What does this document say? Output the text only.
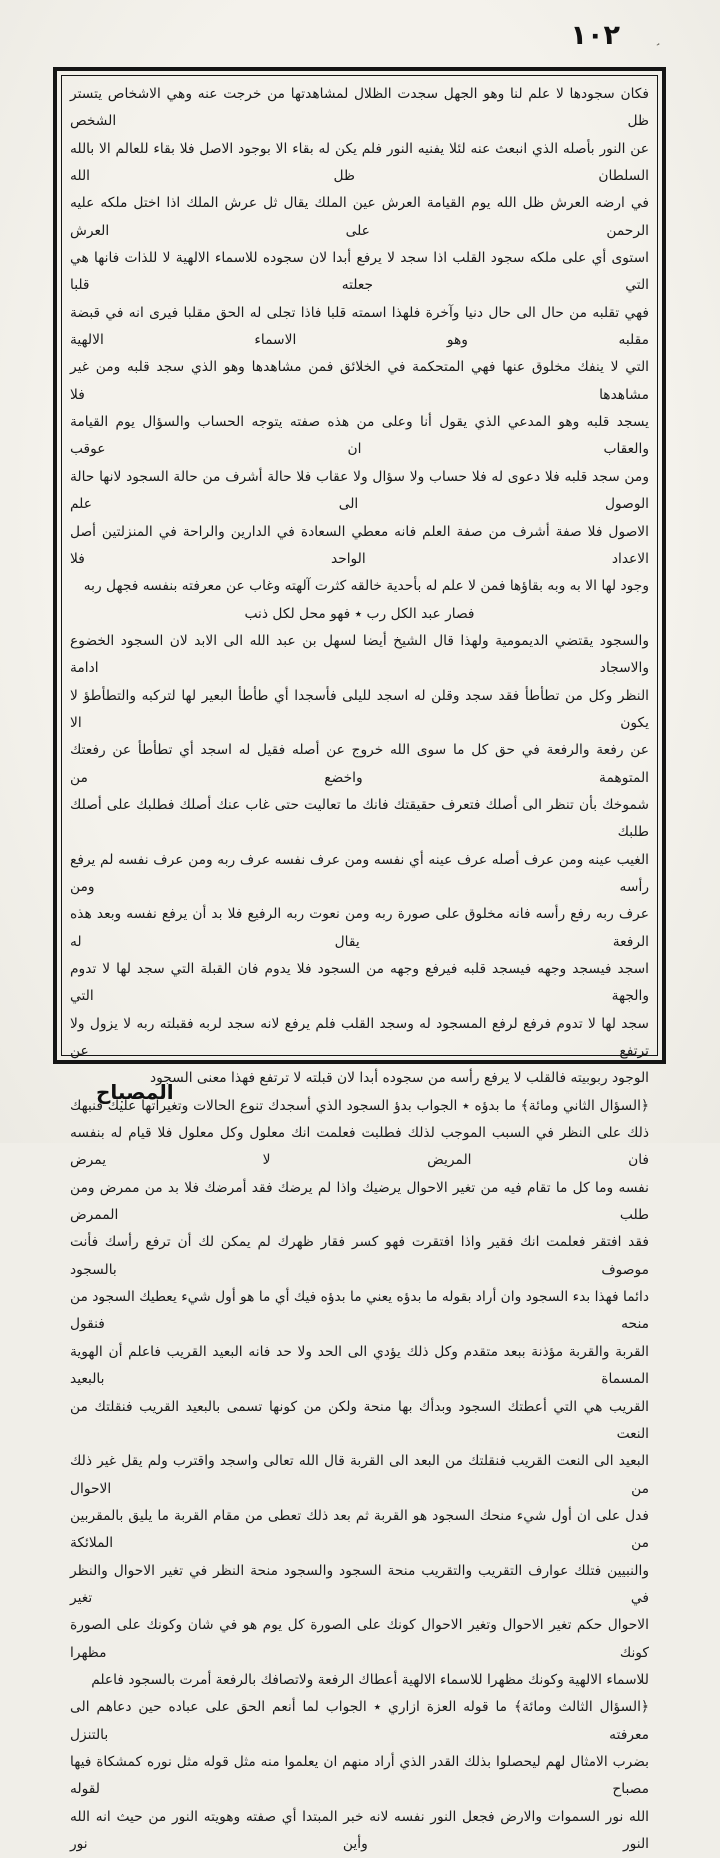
١٠٢	’
فكان سجودها لا علم لنا وهو الجهل سجدت الظلال لمشاهدتها من خرجت عنه وهي الاشخاص يتستر ظل الشخص
عن النور بأصله الذي انبعث عنه لئلا يفنيه النور فلم يكن له بقاء الا بوجود الاصل فلا بقاء للعالم الا بالله السلطان ظل الله
في ارضه العرش ظل الله يوم القيامة العرش عين الملك يقال ثل عرش الملك اذا اختل ملكه عليه الرحمن على العرش
استوى أي على ملكه سجود القلب اذا سجد لا يرفع أبدا لان سجوده للاسماء الالهية لا للذات فانها هي التي جعلته قلبا
فهي تقلبه من حال الى حال دنيا وآخرة فلهذا اسمته قلبا فاذا تجلى له الحق مقلبا فيرى انه في قبضة مقلبه وهو الاسماء الالهية
التي لا ينفك مخلوق عنها فهي المتحكمة في الخلائق فمن مشاهدها وهو الذي سجد قلبه ومن غير مشاهدها فلا
يسجد قلبه وهو المدعي الذي يقول أنا وعلى من هذه صفته يتوجه الحساب والسؤال يوم القيامة والعقاب ان عوقب
ومن سجد قلبه فلا دعوى له فلا حساب ولا سؤال ولا عقاب فلا حالة أشرف من حالة السجود لانها حالة الوصول الى علم
الاصول فلا صفة أشرف من صفة العلم فانه معطي السعادة في الدارين والراحة في المنزلتين أصل الاعداد الواحد فلا
وجود لها الا به وبه بقاؤها فمن لا علم له بأحدية خالقه كثرت آلهته وغاب عن معرفته بنفسه فجهل ربه
فصار عبد الكل رب ٭ فهو محل لكل ذنب
والسجود يقتضي الديمومية ولهذا قال الشيخ أيضا لسهل بن عبد الله الى الابد لان السجود الخضوع والاسجاد ادامة
النظر وكل من تطأطأ فقد سجد وقلن له اسجد لليلى فأسجدا أي طأطأ البعير لها لتركبه والتطأطؤ لا يكون الا
عن رفعة والرفعة في حق كل ما سوى الله خروج عن أصله فقيل له اسجد أي تطأطأ عن رفعتك المتوهمة واخضع من
شموخك بأن تنظر الى أصلك فتعرف حقيقتك فانك ما تعاليت حتى غاب عنك أصلك فطلبك على أصلك طلبك
الغيب عينه ومن عرف أصله عرف عينه أي نفسه ومن عرف نفسه عرف ربه ومن عرف نفسه لم يرفع رأسه ومن
عرف ربه رفع رأسه فانه مخلوق على صورة ربه ومن نعوت ربه الرفيع فلا بد أن يرفع نفسه وبعد هذه الرفعة يقال له
اسجد فيسجد وجهه فيسجد قلبه فيرفع وجهه من السجود فلا يدوم فان القبلة التي سجد لها لا تدوم والجهة التي
سجد لها لا تدوم فرفع لرفع المسجود له وسجد القلب فلم يرفع لانه سجد لربه فقبلته ربه لا يزول ولا ترتفع عن
الوجود ربوبيته فالقلب لا يرفع رأسه من سجوده أبدا لان قبلته لا ترتفع فهذا معنى السجود
﴿السؤال الثاني ومائة﴾ ما بدؤه ٭ الجواب بدؤ السجود الذي أسجدك تنوع الحالات وتغيراتها عليك فنبهك
ذلك على النظر في السبب الموجب لذلك فطلبت فعلمت انك معلول وكل معلول فلا قيام له بنفسه فان المريض لا يمرض
نفسه وما كل ما تقام فيه من تغير الاحوال يرضيك واذا لم يرضك فقد أمرضك فلا بد من ممرض ومن طلب الممرض
فقد افتقر فعلمت انك فقير واذا افتقرت فهو كسر فقار ظهرك لم يمكن لك أن ترفع رأسك فأنت موصوف بالسجود
دائما فهذا بدء السجود وان أراد بقوله ما بدؤه يعني ما بدؤه فيك أي ما هو أول شيء يعطيك السجود من منحه فنقول
القربة والقربة مؤذنة ببعد متقدم وكل ذلك يؤدي الى الحد ولا حد فانه البعيد القريب فاعلم أن الهوية المسماة بالبعيد
القريب هي التي أعطتك السجود وبدأك بها منحة ولكن من كونها تسمى بالبعيد القريب فنقلتك من النعت
البعيد الى النعت القريب فنقلتك من البعد الى القربة قال الله تعالى واسجد واقترب ولم يقل غير ذلك من الاحوال
فدل على ان أول شيء منحك السجود هو القربة ثم بعد ذلك تعطى من مقام القربة ما يليق بالمقربين من الملائكة
والنبيين فتلك عوارف التقريب والتقريب منحة السجود والسجود منحة النظر في تغير الاحوال والنظر في تغير
الاحوال حكم تغير الاحوال وتغير الاحوال كونك على الصورة كل يوم هو في شان وكونك على الصورة كونك مظهرا
للاسماء الالهية وكونك مظهرا للاسماء الالهية أعطاك الرفعة ولاتصافك بالرفعة أمرت بالسجود فاعلم
﴿السؤال الثالث ومائة﴾ ما قوله العزة ازاري ٭ الجواب لما أنعم الحق على عباده حين دعاهم الى معرفته بالتنزل
بضرب الامثال لهم ليحصلوا بذلك القدر الذي أراد منهم ان يعلموا منه مثل قوله مثل نوره كمشكاة فيها مصباح لقوله
الله نور السموات والارض فجعل النور نفسه لانه خبر المبتدا أي صفته وهويته النور من حيث انه الله النور وأين نور
المصباح
